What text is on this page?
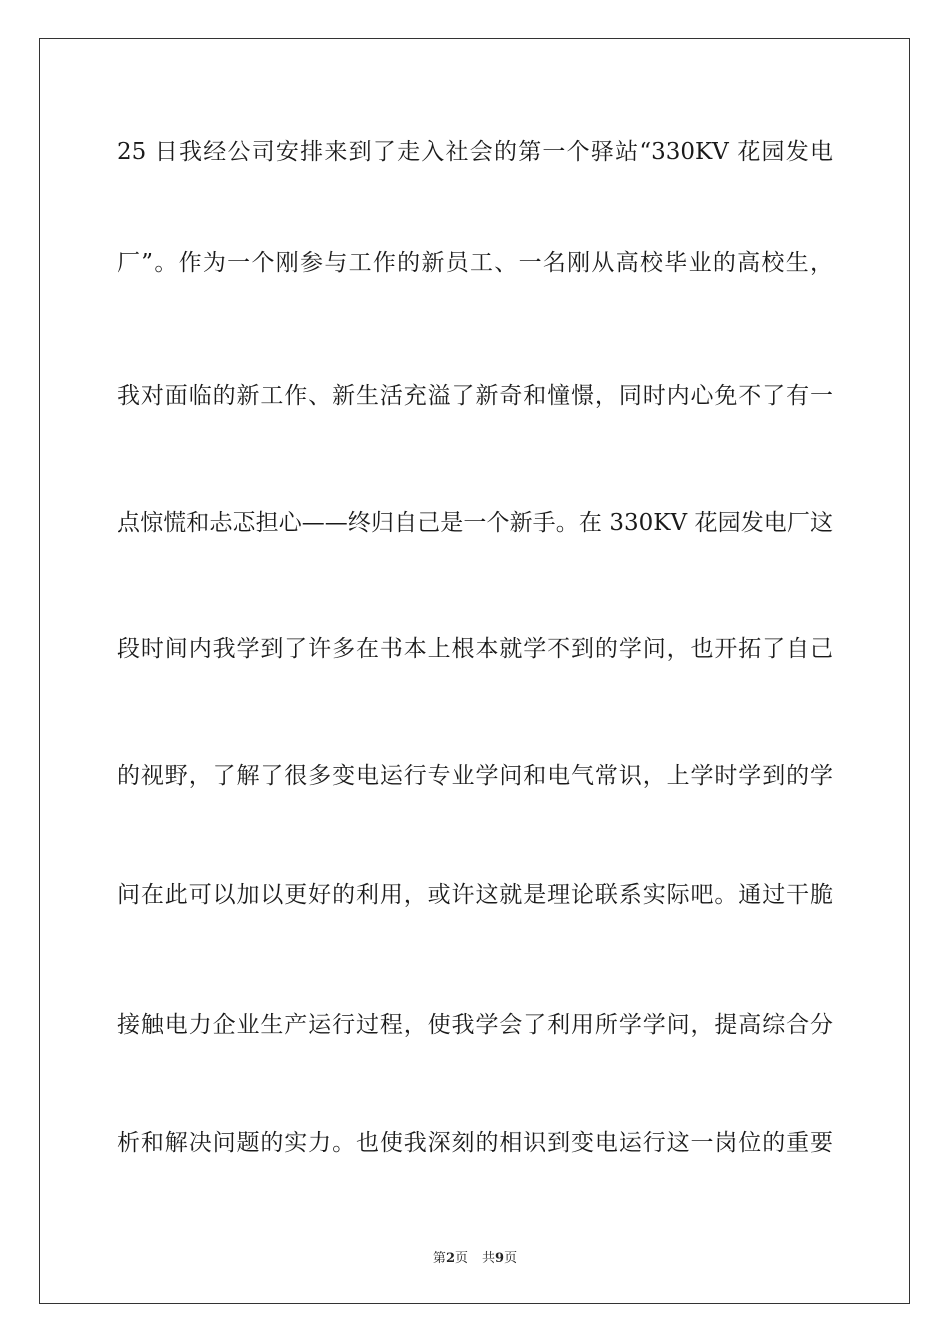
25 日我经公司安排来到了走入社会的第一个驿站“330KV 花园发电
厂”。作为一个刚参与工作的新员工、一名刚从高校毕业的高校生，
我对面临的新工作、新生活充溢了新奇和憧憬，同时内心免不了有一
点惊慌和忐忑担心——终归自己是一个新手。在 330KV 花园发电厂这
段时间内我学到了许多在书本上根本就学不到的学问，也开拓了自己
的视野，了解了很多变电运行专业学问和电气常识，上学时学到的学
问在此可以加以更好的利用，或许这就是理论联系实际吧。通过干脆
接触电力企业生产运行过程，使我学会了利用所学学问，提高综合分
析和解决问题的实力。也使我深刻的相识到变电运行这一岗位的重要
第2页 共9页
